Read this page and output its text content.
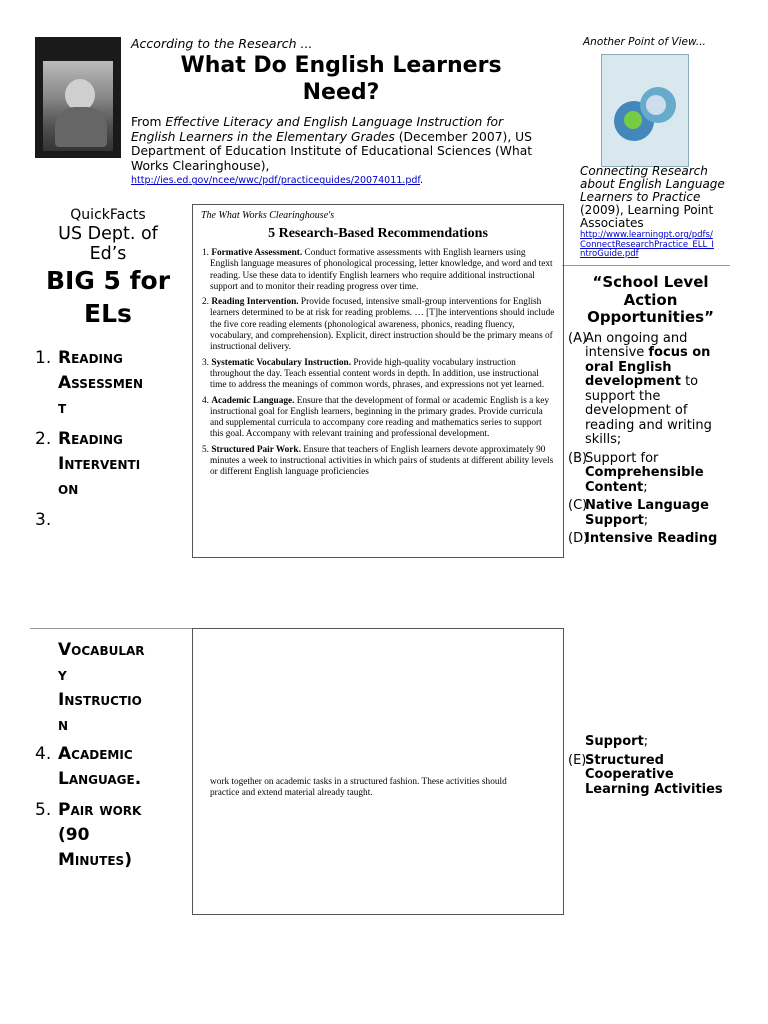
According to the Research ...
What Do English Learners
Need?
From Effective Literacy and English Language Instruction for English Learners in the Elementary Grades (December 2007), US Department of Education Institute of Educational Sciences (What Works Clearinghouse),
http://ies.ed.gov/ncee/wwc/pdf/practiceguides/20074011.pdf.
Another Point of View...
Connecting Research about English Language Learners to Practice (2009), Learning Point Associates
http://www.learningpt.org/pdfs/
ConnectResearchPractice_ELL_I
ntroGuide.pdf
QuickFacts
US Dept. of
Ed’s
BIG 5 for
ELs
1. Reading
Assessmen
t
2. Reading
Interventi
on
3.
The What Works Clearinghouse's
5 Research-Based Recommendations

1. Formative Assessment. Conduct formative assessments with English learners using English language measures of phonological processing, letter knowledge, and word and text reading. Use these data to identify English learners who require additional instructional support and to monitor their reading progress over time.

2. Reading Intervention. Provide focused, intensive small-group interventions for English learners determined to be at risk for reading problems. … [T]he interventions should include the five core reading elements (phonological awareness, phonics, reading fluency, vocabulary, and comprehension). Explicit, direct instruction should be the primary means of instructional delivery.

3. Systematic Vocabulary Instruction. Provide high-quality vocabulary instruction throughout the day. Teach essential content words in depth. In addition, use instructional time to address the meanings of common words, phrases, and expressions not yet learned.

4. Academic Language. Ensure that the development of formal or academic English is a key instructional goal for English learners, beginning in the primary grades. Provide curricula and supplemental curricula to accompany core reading and mathematics series to support this goal. Accompany with relevant training and professional development.

5. Structured Pair Work. Ensure that teachers of English learners devote approximately 90 minutes a week to instructional activities in which pairs of students at different ability levels or different English language proficiencies

“School Level
Action
Opportunities”
(A)
An ongoing and intensive focus on oral English development to support the development of reading and writing skills;
(B)
Support for Comprehensible Content;
(C)
Native Language Support;
(D)
Intensive Reading
Vocabular
y
Instructio
n
4. Academic
Language.
5. Pair work
(90
Minutes)
work together on academic tasks in a structured fashion. These activities should practice and extend material already taught.
Support;
(E)
Structured Cooperative Learning Activities
